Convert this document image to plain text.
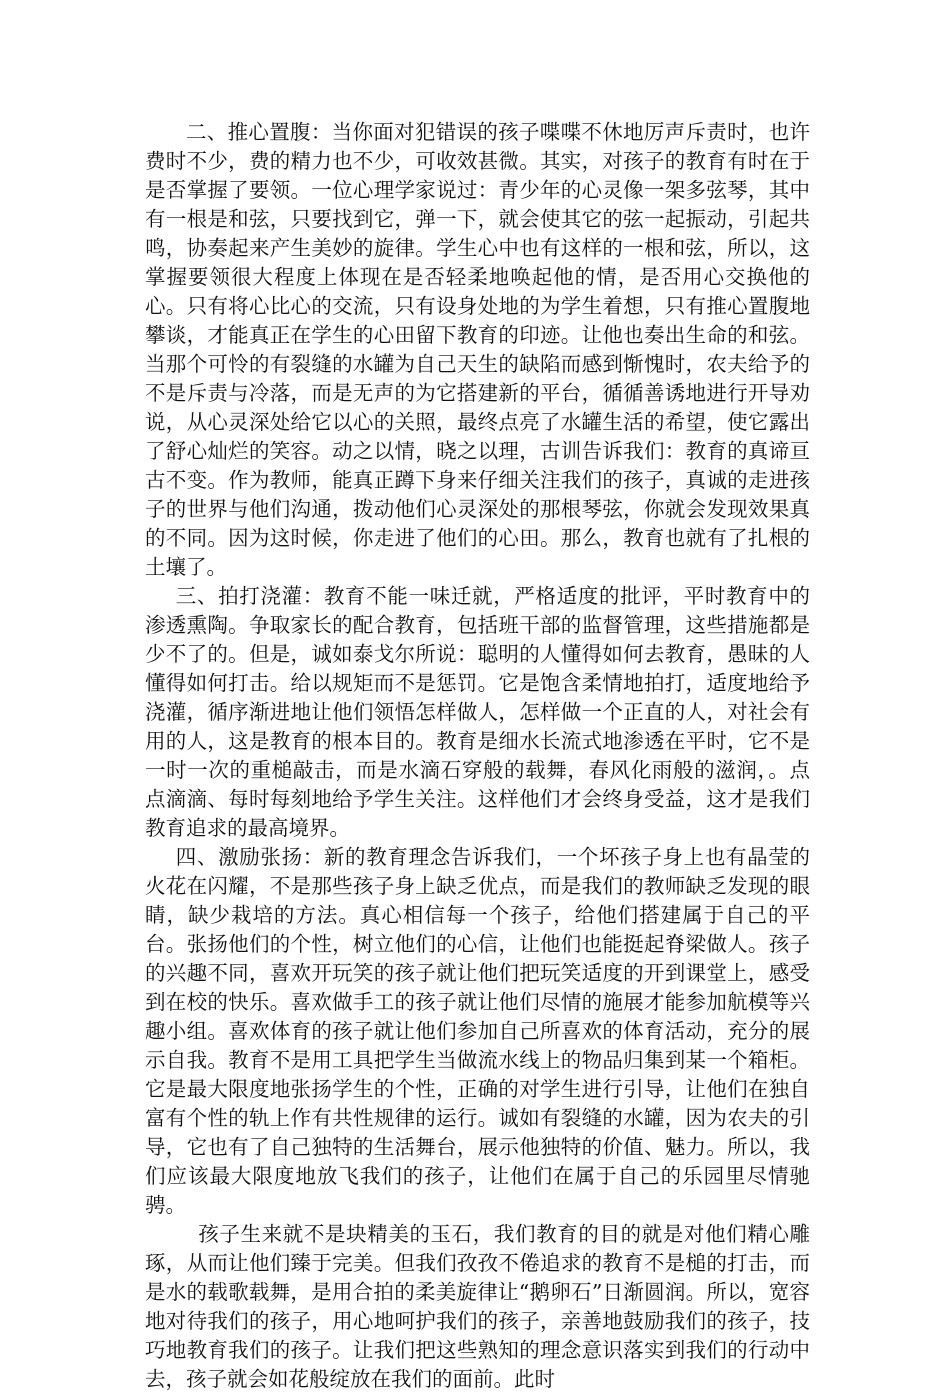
二、推心置腹：当你面对犯错误的孩子喋喋不休地厉声斥责时，也许费时不少，费的精力也不少，可收效甚微。其实，对孩子的教育有时在于是否掌握了要领。一位心理学家说过：青少年的心灵像一架多弦琴，其中有一根是和弦，只要找到它，弹一下，就会使其它的弦一起振动，引起共鸣，协奏起来产生美妙的旋律。学生心中也有这样的一根和弦，所以，这掌握要领很大程度上体现在是否轻柔地唤起他的情，是否用心交换他的心。只有将心比心的交流，只有设身处地的为学生着想，只有推心置腹地攀谈，才能真正在学生的心田留下教育的印迹。让他也奏出生命的和弦。当那个可怜的有裂缝的水罐为自己天生的缺陷而感到惭愧时，农夫给予的不是斥责与冷落，而是无声的为它搭建新的平台，循循善诱地进行开导劝说，从心灵深处给它以心的关照，最终点亮了水罐生活的希望，使它露出了舒心灿烂的笑容。动之以情，晓之以理，古训告诉我们：教育的真谛亘古不变。作为教师，能真正蹲下身来仔细关注我们的孩子，真诚的走进孩子的世界与他们沟通，拨动他们心灵深处的那根琴弦，你就会发现效果真的不同。因为这时候，你走进了他们的心田。那么，教育也就有了扎根的土壤了。

三、拍打浇灌：教育不能一味迁就，严格适度的批评，平时教育中的渗透熏陶。争取家长的配合教育，包括班干部的监督管理，这些措施都是少不了的。但是，诚如泰戈尔所说：聪明的人懂得如何去教育，愚昧的人懂得如何打击。给以规矩而不是惩罚。它是饱含柔情地拍打，适度地给予浇灌，循序渐进地让他们领悟怎样做人，怎样做一个正直的人，对社会有用的人，这是教育的根本目的。教育是细水长流式地渗透在平时，它不是一时一次的重槌敲击，而是水滴石穿般的载舞，春风化雨般的滋润，。点点滴滴、每时每刻地给予学生关注。这样他们才会终身受益，这才是我们教育追求的最高境界。

四、激励张扬：新的教育理念告诉我们，一个坏孩子身上也有晶莹的火花在闪耀，不是那些孩子身上缺乏优点，而是我们的教师缺乏发现的眼睛，缺少栽培的方法。真心相信每一个孩子，给他们搭建属于自己的平台。张扬他们的个性，树立他们的心信，让他们也能挺起脊梁做人。孩子的兴趣不同，喜欢开玩笑的孩子就让他们把玩笑适度的开到课堂上，感受到在校的快乐。喜欢做手工的孩子就让他们尽情的施展才能参加航模等兴趣小组。喜欢体育的孩子就让他们参加自己所喜欢的体育活动，充分的展示自我。教育不是用工具把学生当做流水线上的物品归集到某一个箱柜。它是最大限度地张扬学生的个性，正确的对学生进行引导，让他们在独自富有个性的轨上作有共性规律的运行。诚如有裂缝的水罐，因为农夫的引导，它也有了自己独特的生活舞台，展示他独特的价值、魅力。所以，我们应该最大限度地放飞我们的孩子，让他们在属于自己的乐园里尽情驰骋。

孩子生来就不是块精美的玉石，我们教育的目的就是对他们精心雕琢，从而让他们臻于完美。但我们孜孜不倦追求的教育不是槌的打击，而是水的载歌载舞，是用合拍的柔美旋律让“鹅卵石”日渐圆润。所以，宽容地对待我们的孩子，用心地呵护我们的孩子，亲善地鼓励我们的孩子，技巧地教育我们的孩子。让我们把这些熟知的理念意识落实到我们的行动中去，孩子就会如花般绽放在我们的面前。此时
